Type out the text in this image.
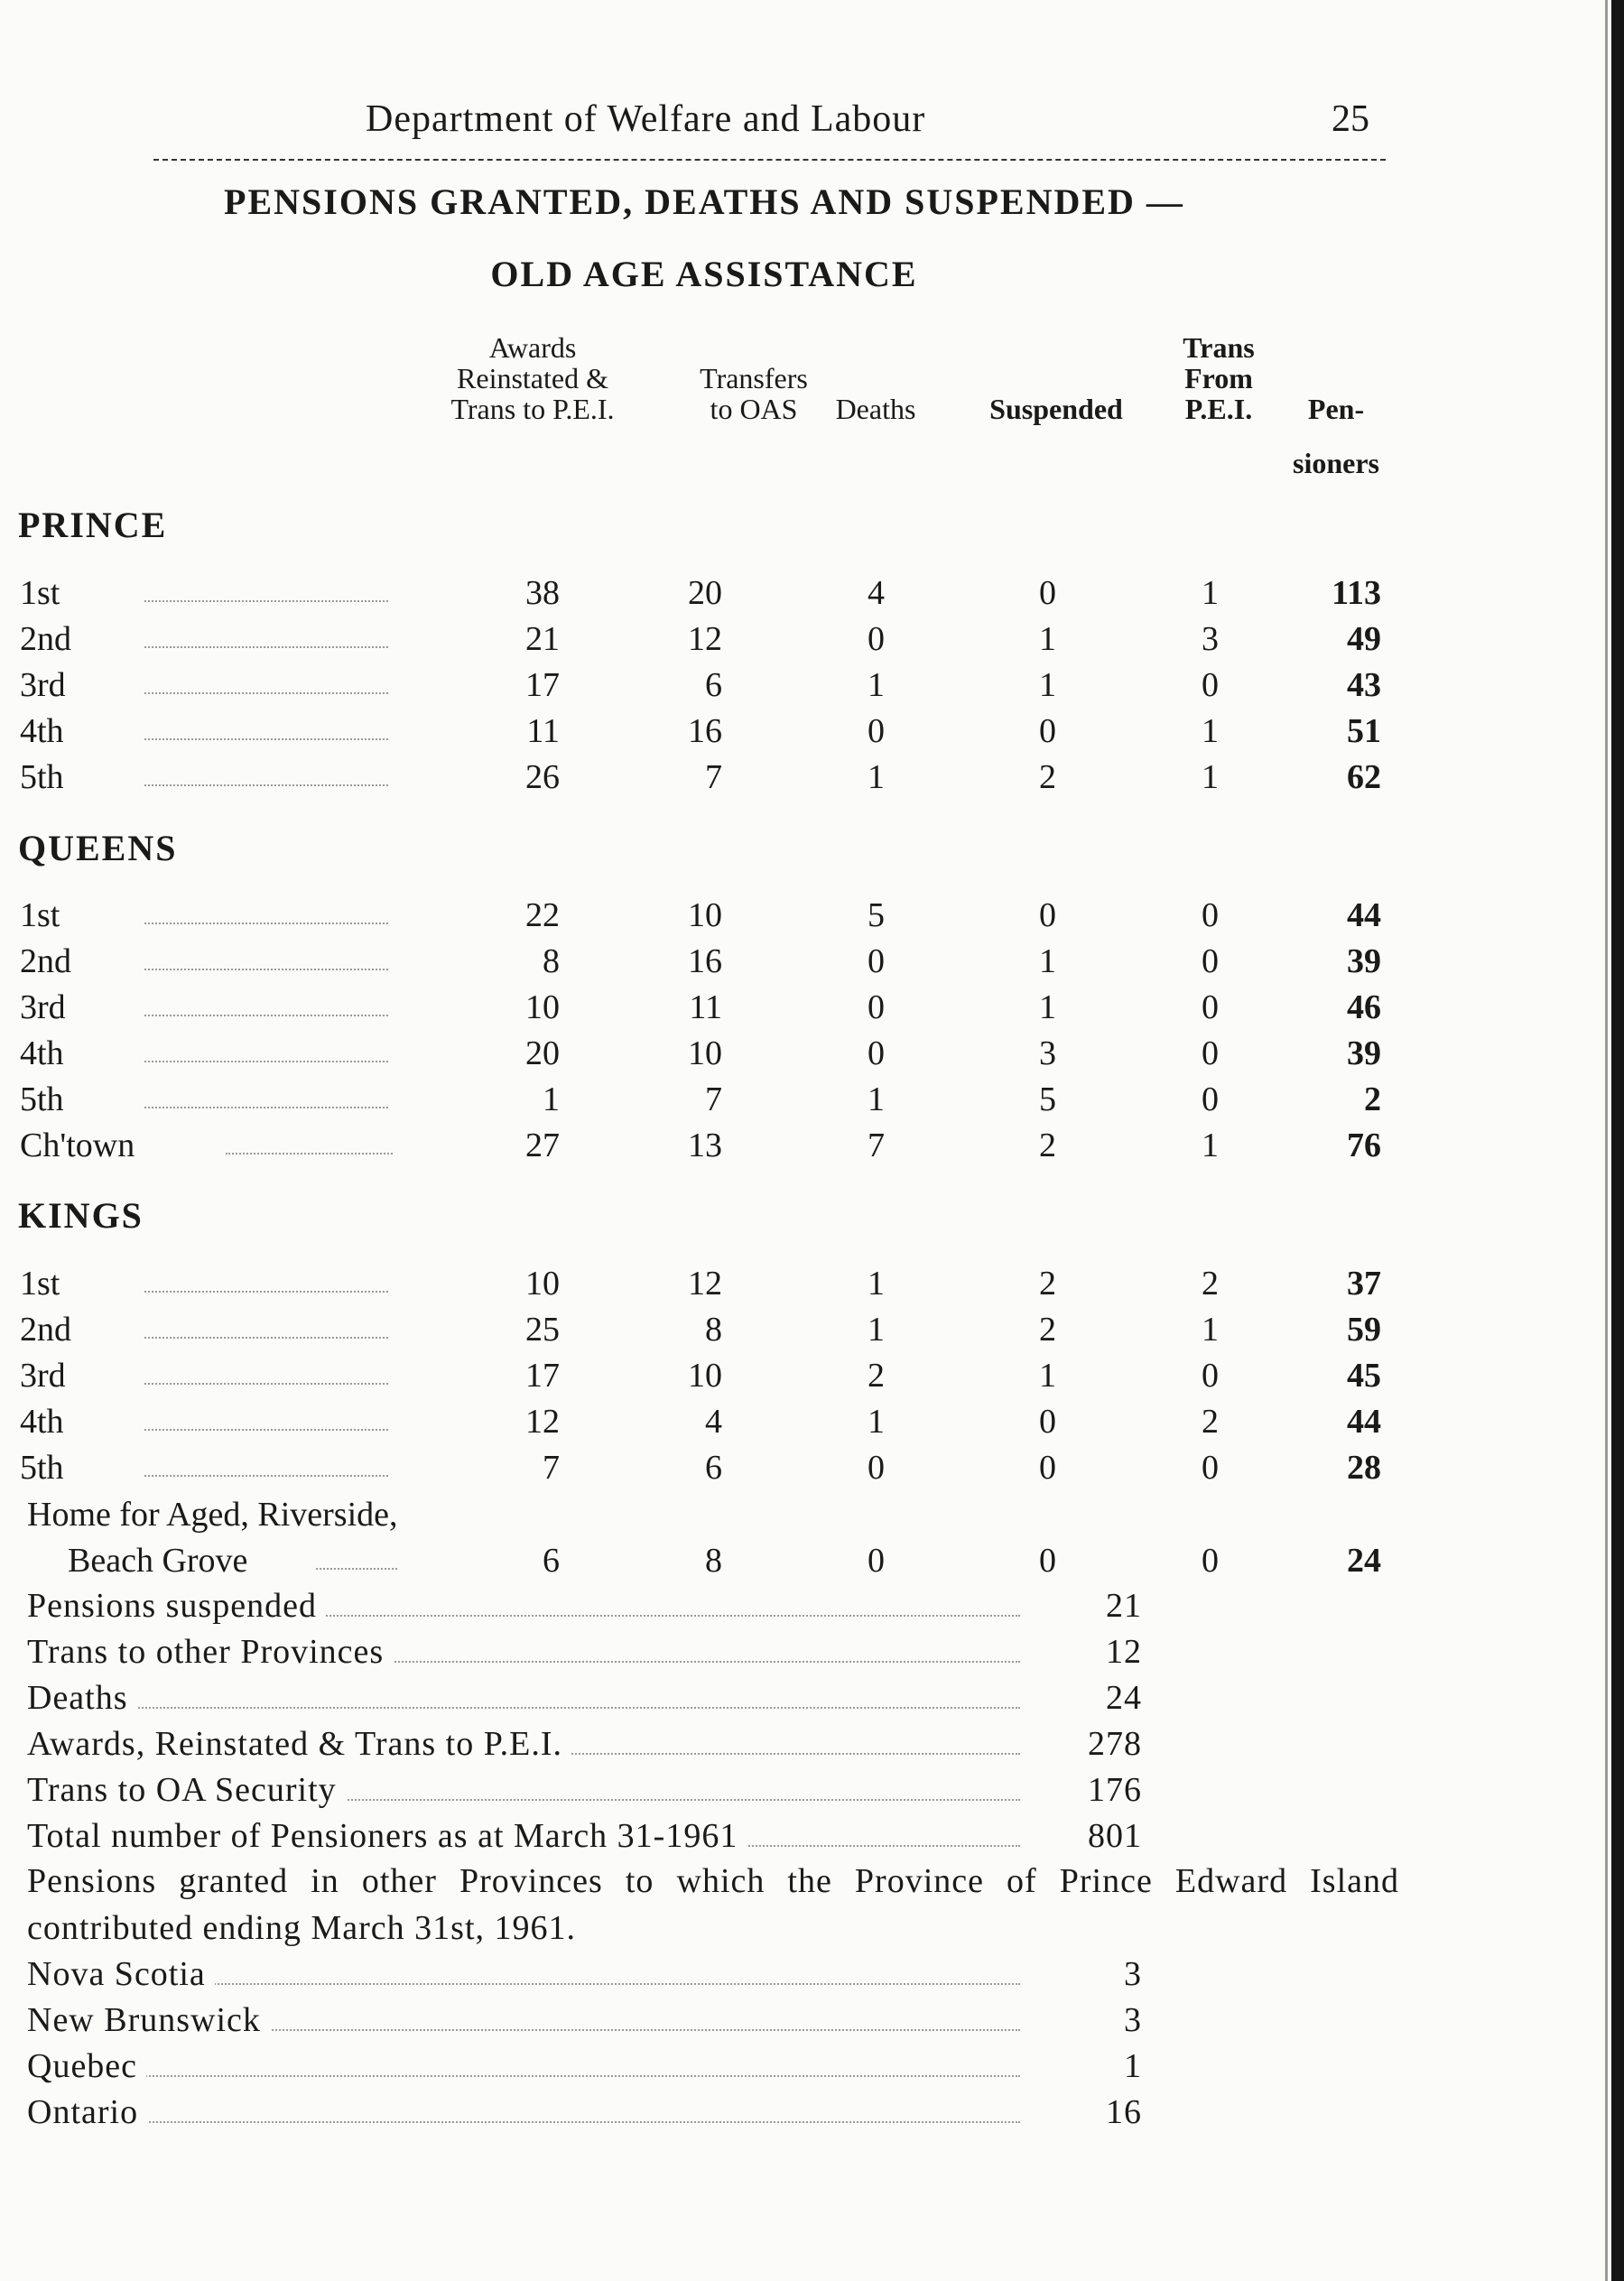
Department of Welfare and Labour	25
PENSIONS GRANTED, DEATHS AND SUSPENDED —
OLD AGE ASSISTANCE
Awards
Reinstated &
Trans to P.E.I.
Transfers
to OAS	Deaths	Suspended
Trans
From
P.E.I.	Pen-
sioners
PRINCE
1st	38	20	4	0	1	113
2nd	21	12	0	1	3	49
3rd	17	6	1	1	0	43
4th	11	16	0	0	1	51
5th	26	7	1	2	1	62
QUEENS
1st	22	10	5	0	0	44
2nd	8	16	0	1	0	39
3rd	10	11	0	1	0	46
4th	20	10	0	3	0	39
5th	1	7	1	5	0	2
Ch'town	27	13	7	2	1	76
KINGS
1st	10	12	1	2	2	37
2nd	25	8	1	2	1	59
3rd	17	10	2	1	0	45
4th	12	4	1	0	2	44
5th	7	6	0	0	0	28
Home for Aged, Riverside,
Beach Grove	6	8	0	0	0	24
Pensions suspended	21
Trans to other Provinces	12
Deaths	24
Awards, Reinstated & Trans to P.E.I.	278
Trans to OA Security	176
Total number of Pensioners as at March 31-1961	801
Pensions granted in other Provinces to which the Province of Prince Edward Island contributed ending March 31st, 1961.
Nova Scotia	3
New Brunswick	3
Quebec	1
Ontario	16
